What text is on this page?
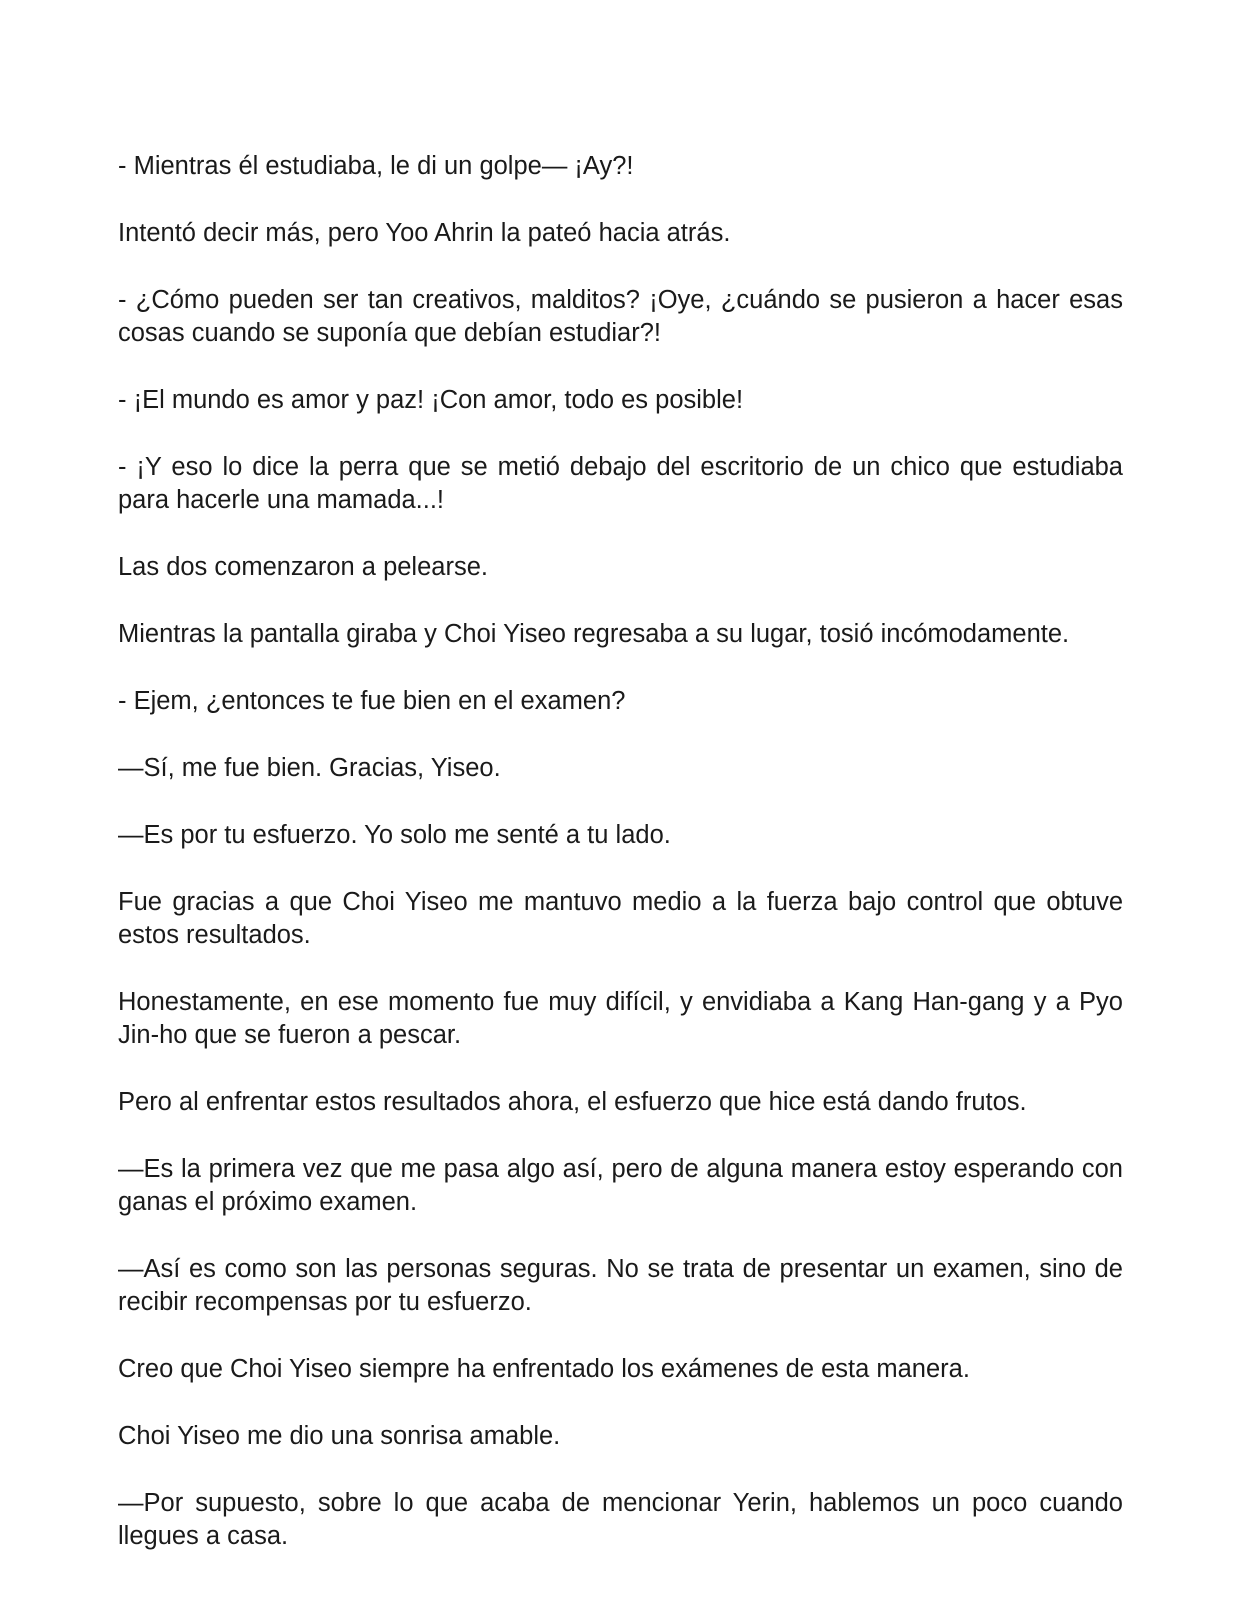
- Mientras él estudiaba, le di un golpe— ¡Ay?!

Intentó decir más, pero Yoo Ahrin la pateó hacia atrás.

- ¿Cómo pueden ser tan creativos, malditos? ¡Oye, ¿cuándo se pusieron a hacer esas cosas cuando se suponía que debían estudiar?!

- ¡El mundo es amor y paz! ¡Con amor, todo es posible!

- ¡Y eso lo dice la perra que se metió debajo del escritorio de un chico que estudiaba para hacerle una mamada...!

Las dos comenzaron a pelearse.

Mientras la pantalla giraba y Choi Yiseo regresaba a su lugar, tosió incómodamente.

- Ejem, ¿entonces te fue bien en el examen?

—Sí, me fue bien. Gracias, Yiseo.

—Es por tu esfuerzo. Yo solo me senté a tu lado.

Fue gracias a que Choi Yiseo me mantuvo medio a la fuerza bajo control que obtuve estos resultados.

Honestamente, en ese momento fue muy difícil, y envidiaba a Kang Han-gang y a Pyo Jin-ho que se fueron a pescar.

Pero al enfrentar estos resultados ahora, el esfuerzo que hice está dando frutos.

—Es la primera vez que me pasa algo así, pero de alguna manera estoy esperando con ganas el próximo examen.

—Así es como son las personas seguras. No se trata de presentar un examen, sino de recibir recompensas por tu esfuerzo.

Creo que Choi Yiseo siempre ha enfrentado los exámenes de esta manera.

Choi Yiseo me dio una sonrisa amable.

—Por supuesto, sobre lo que acaba de mencionar Yerin, hablemos un poco cuando llegues a casa.
